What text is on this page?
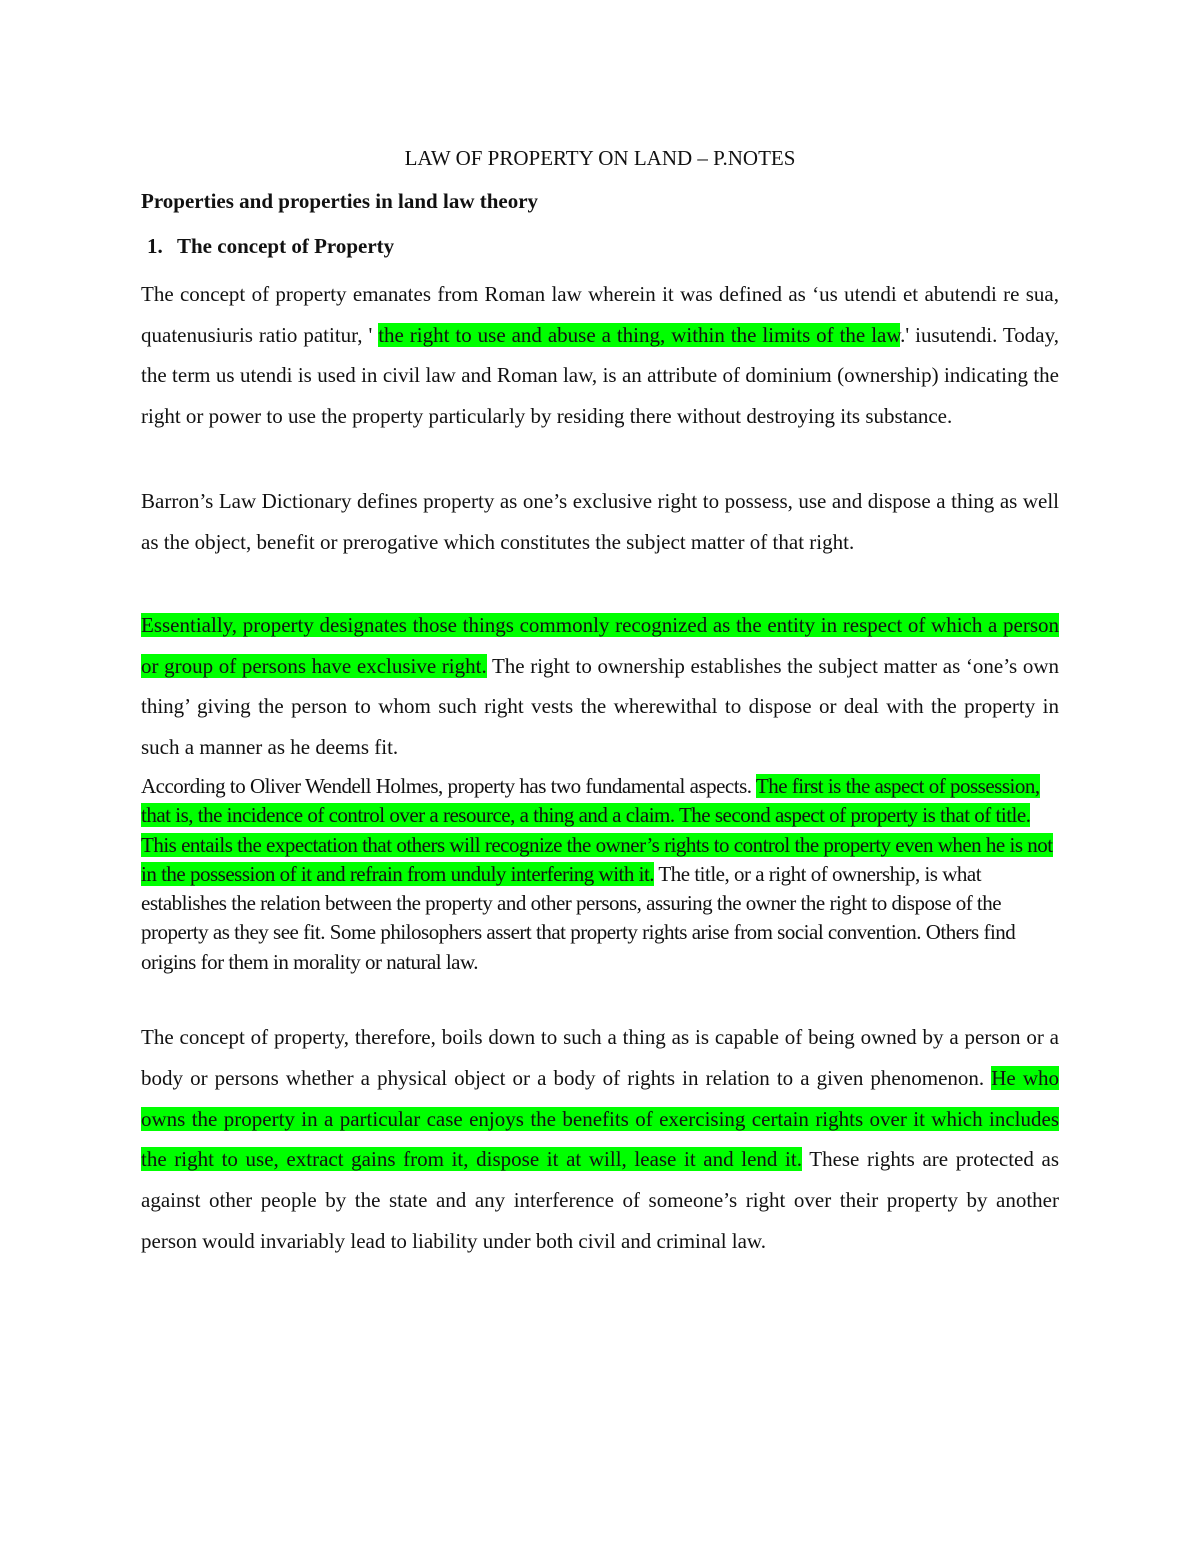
LAW OF PROPERTY ON LAND – P.NOTES
Properties and properties in land law theory
1. The concept of Property

The concept of property emanates from Roman law wherein it was defined as ‘us utendi et abutendi re sua, quatenusiuris ratio patitur, ' the right to use and abuse a thing, within the limits of the law.' iusutendi. Today, the term us utendi is used in civil law and Roman law, is an attribute of dominium (ownership) indicating the right or power to use the property particularly by residing there without destroying its substance.

Barron’s Law Dictionary defines property as one’s exclusive right to possess, use and dispose a thing as well as the object, benefit or prerogative which constitutes the subject matter of that right.

Essentially, property designates those things commonly recognized as the entity in respect of which a person or group of persons have exclusive right. The right to ownership establishes the subject matter as ‘one’s own thing’ giving the person to whom such right vests the wherewithal to dispose or deal with the property in such a manner as he deems fit.

According to Oliver Wendell Holmes, property has two fundamental aspects. The first is the aspect of possession, that is, the incidence of control over a resource, a thing and a claim. The second aspect of property is that of title. This entails the expectation that others will recognize the owner’s rights to control the property even when he is not in the possession of it and refrain from unduly interfering with it. The title, or a right of ownership, is what establishes the relation between the property and other persons, assuring the owner the right to dispose of the property as they see fit. Some philosophers assert that property rights arise from social convention. Others find origins for them in morality or natural law.

The concept of property, therefore, boils down to such a thing as is capable of being owned by a person or a body or persons whether a physical object or a body of rights in relation to a given phenomenon. He who owns the property in a particular case enjoys the benefits of exercising certain rights over it which includes the right to use, extract gains from it, dispose it at will, lease it and lend it. These rights are protected as against other people by the state and any interference of someone’s right over their property by another person would invariably lead to liability under both civil and criminal law.
